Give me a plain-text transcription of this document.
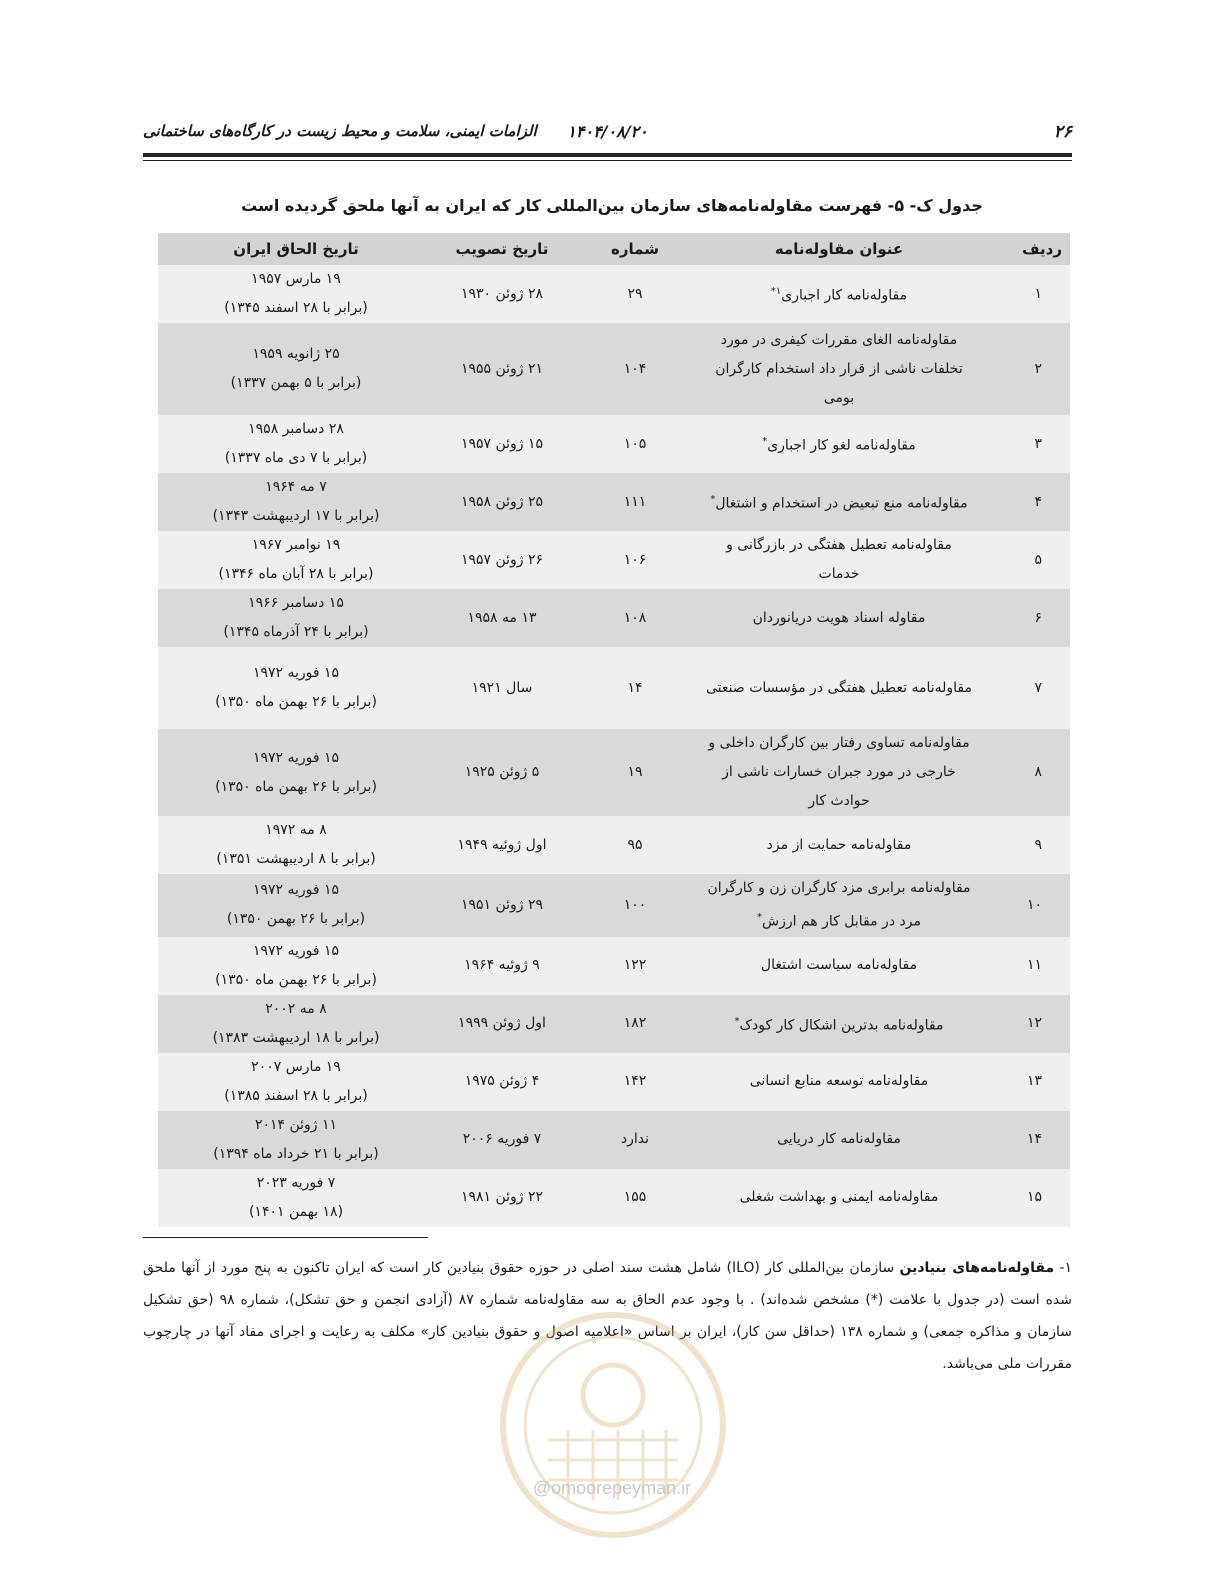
۲۶
۱۴۰۴/۰۸/۲۰
الزامات ایمنی، سلامت و محیط زیست در کارگاه‌های ساختمانی
جدول ک- ۵- فهرست مقاوله‌نامه‌های سازمان بین‌المللی کار که ایران به آنها ملحق گردیده است
ردیف	عنوان مقاوله‌نامه	شماره	تاریخ تصویب	تاریخ الحاق ایران
۱	مقاوله‌نامه کار اجباری$^{۱*}$	۲۹	۲۸ ژوئن ۱۹۳۰	۱۹ مارس ۱۹۵۷
(برابر با ۲۸ اسفند ۱۳۴۵)

۲	مقاوله‌نامه الغای مقررات کیفری در مورد تخلفات ناشی از قرار داد استخدام کارگران بومی	۱۰۴	۲۱ ژوئن ۱۹۵۵	۲۵ ژانویه ۱۹۵۹
(برابر با ۵ بهمن ۱۳۳۷)

۳	مقاوله‌نامه لغو کار اجباری*	۱۰۵	۱۵ ژوئن ۱۹۵۷	۲۸ دسامبر ۱۹۵۸
(برابر با ۷ دی ماه ۱۳۳۷)

۴	مقاوله‌نامه منع تبعیض در استخدام و اشتغال*	۱۱۱	۲۵ ژوئن ۱۹۵۸	۷ مه ۱۹۶۴
(برابر با ۱۷ اردیبهشت ۱۳۴۳)

۵	مقاوله‌نامه تعطیل هفتگی در بازرگانی و خدمات	۱۰۶	۲۶ ژوئن ۱۹۵۷	۱۹ نوامبر ۱۹۶۷
(برابر با ۲۸ آبان ماه ۱۳۴۶)

۶	مقاوله اسناد هویت دریانوردان	۱۰۸	۱۳ مه ۱۹۵۸	۱۵ دسامبر ۱۹۶۶
(برابر با ۲۴ آذرماه ۱۳۴۵)

۷	مقاوله‌نامه تعطیل هفتگی در مؤسسات صنعتی	۱۴	سال ۱۹۲۱	۱۵ فوریه ۱۹۷۲
(برابر با ۲۶ بهمن ماه ۱۳۵۰)

۸	مقاوله‌نامه تساوی رفتار بین کارگران داخلی و خارجی در مورد جبران خسارات ناشی از حوادث کار	۱۹	۵ ژوئن ۱۹۲۵	۱۵ فوریه ۱۹۷۲
(برابر با ۲۶ بهمن ماه ۱۳۵۰)

۹	مقاوله‌نامه حمایت از مزد	۹۵	اول ژوئیه ۱۹۴۹	۸ مه ۱۹۷۲
(برابر با ۸ اردیبهشت ۱۳۵۱)

۱۰	مقاوله‌نامه برابری مزد کارگران زن و کارگران مرد در مقابل کار هم ارزش*	۱۰۰	۲۹ ژوئن ۱۹۵۱	۱۵ فوریه ۱۹۷۲
(برابر با ۲۶ بهمن ۱۳۵۰)

۱۱	مقاوله‌نامه سیاست اشتغال	۱۲۲	۹ ژوئیه ۱۹۶۴	۱۵ فوریه ۱۹۷۲
(برابر با ۲۶ بهمن ماه ۱۳۵۰)

۱۲	مقاوله‌نامه بدترین اشکال کار کودک*	۱۸۲	اول ژوئن ۱۹۹۹	۸ مه ۲۰۰۲
(برابر با ۱۸ اردیبهشت ۱۳۸۳)

۱۳	مقاوله‌نامه توسعه منابع انسانی	۱۴۲	۴ ژوئن ۱۹۷۵	۱۹ مارس ۲۰۰۷
(برابر با ۲۸ اسفند ۱۳۸۵)

۱۴	مقاوله‌نامه کار دریایی	ندارد	۷ فوریه ۲۰۰۶	۱۱ ژوئن ۲۰۱۴
(برابر با ۲۱ خرداد ماه ۱۳۹۴)

۱۵	مقاوله‌نامه ایمنی و بهداشت شغلی	۱۵۵	۲۲ ژوئن ۱۹۸۱	۷ فوریه ۲۰۲۳
(۱۸ بهمن ۱۴۰۱)
۱- مقاوله‌نامه‌های بنیادین سازمان بین‌المللی کار (ILO) شامل هشت سند اصلی در حوزه حقوق بنیادین کار است که ایران تاکنون به پنج مورد از آنها ملحق شده است (در جدول با علامت (*) مشخص شده‌اند) . با وجود عدم الحاق به سه مقاوله‌نامه شماره ۸۷ (آزادی انجمن و حق تشکل)، شماره ۹۸ (حق تشکیل سازمان و مذاکره جمعی) و شماره ۱۳۸ (حداقل سن کار)، ایران بر اساس «اعلامیه اصول و حقوق بنیادین کار» مکلف به رعایت و اجرای مفاد آنها در چارچوب مقررات ملی می‌باشد.
@omoorepeyman.ir
